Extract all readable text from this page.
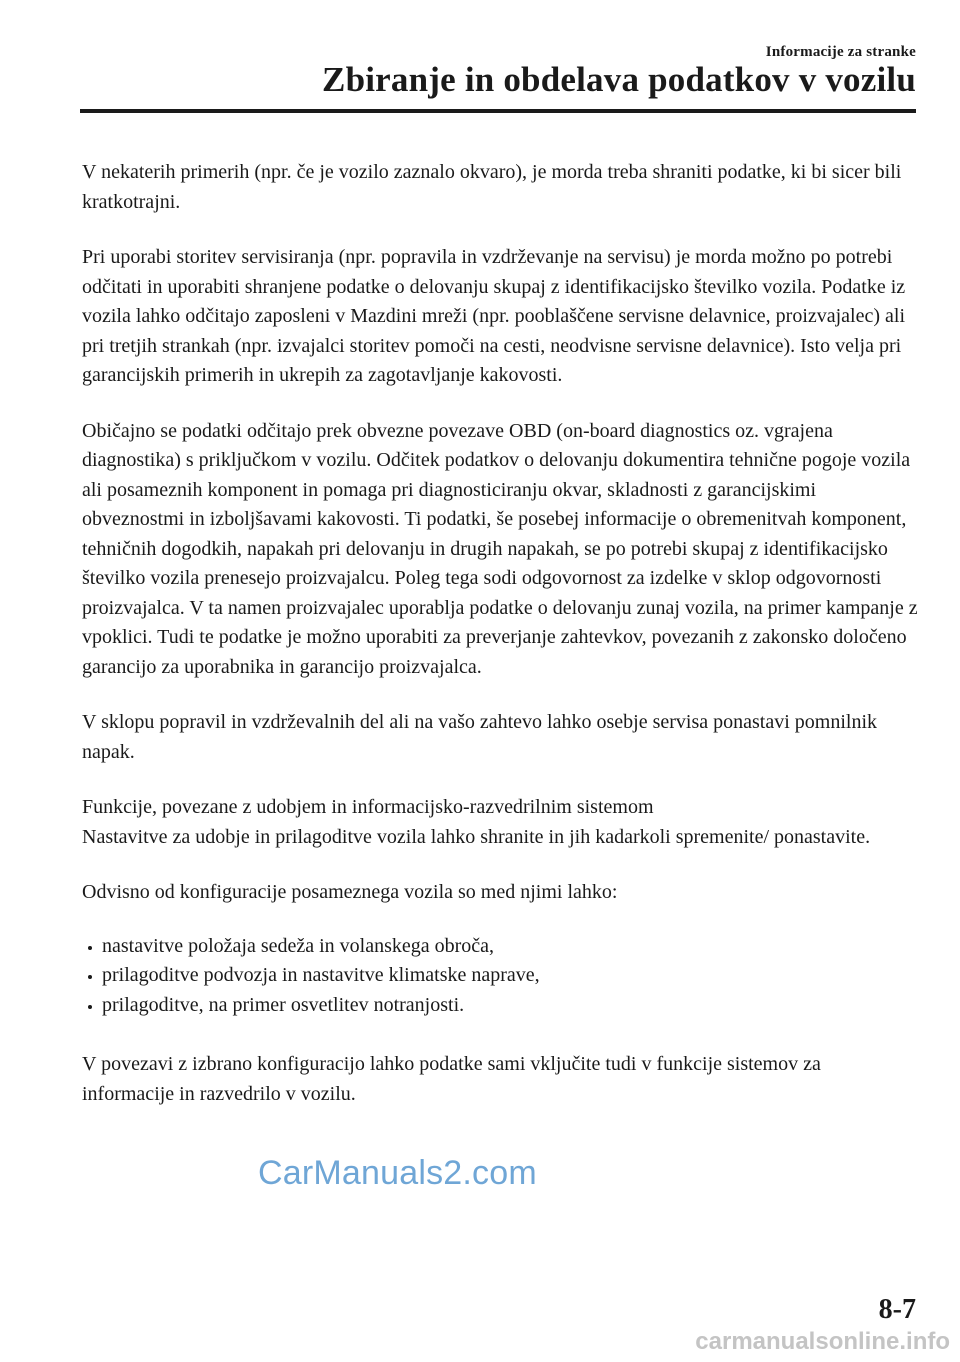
Informacije za stranke
Zbiranje in obdelava podatkov v vozilu

V nekaterih primerih (npr. če je vozilo zaznalo okvaro), je morda treba shraniti podatke, ki bi sicer bili kratkotrajni.

Pri uporabi storitev servisiranja (npr. popravila in vzdrževanje na servisu) je morda možno po potrebi odčitati in uporabiti shranjene podatke o delovanju skupaj z identifikacijsko številko vozila. Podatke iz vozila lahko odčitajo zaposleni v Mazdini mreži (npr. pooblaščene servisne delavnice, proizvajalec) ali pri tretjih strankah (npr. izvajalci storitev pomoči na cesti, neodvisne servisne delavnice). Isto velja pri garancijskih primerih in ukrepih za zagotavljanje kakovosti.

Običajno se podatki odčitajo prek obvezne povezave OBD (on-board diagnostics oz. vgrajena diagnostika) s priključkom v vozilu. Odčitek podatkov o delovanju dokumentira tehnične pogoje vozila ali posameznih komponent in pomaga pri diagnosticiranju okvar, skladnosti z garancijskimi obveznostmi in izboljšavami kakovosti. Ti podatki, še posebej informacije o obremenitvah komponent, tehničnih dogodkih, napakah pri delovanju in drugih napakah, se po potrebi skupaj z identifikacijsko številko vozila prenesejo proizvajalcu. Poleg tega sodi odgovornost za izdelke v sklop odgovornosti proizvajalca. V ta namen proizvajalec uporablja podatke o delovanju zunaj vozila, na primer kampanje z vpoklici. Tudi te podatke je možno uporabiti za preverjanje zahtevkov, povezanih z zakonsko določeno garancijo za uporabnika in garancijo proizvajalca.

V sklopu popravil in vzdrževalnih del ali na vašo zahtevo lahko osebje servisa ponastavi pomnilnik napak.

Funkcije, povezane z udobjem in informacijsko-razvedrilnim sistemom
Nastavitve za udobje in prilagoditve vozila lahko shranite in jih kadarkoli spremenite/ ponastavite.

Odvisno od konfiguracije posameznega vozila so med njimi lahko:

nastavitve položaja sedeža in volanskega obroča,
prilagoditve podvozja in nastavitve klimatske naprave,
prilagoditve, na primer osvetlitev notranjosti.

V povezavi z izbrano konfiguracijo lahko podatke sami vključite tudi v funkcije sistemov za informacije in razvedrilo v vozilu.

CarManuals2.com
8-7
carmanualsonline.info
